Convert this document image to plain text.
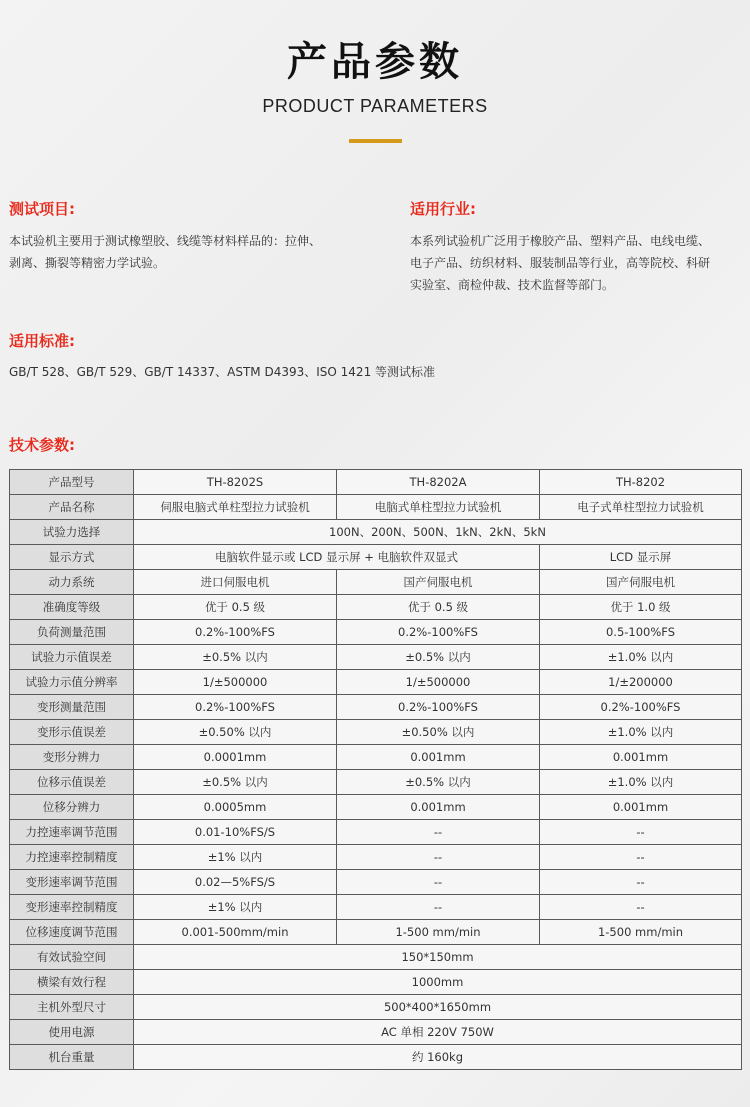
产品参数
PRODUCT PARAMETERS
测试项目:
本试验机主要用于测试橡塑胶、线缆等材料样品的：拉伸、
剥离、撕裂等精密力学试验。
适用行业:
本系列试验机广泛用于橡胶产品、塑料产品、电线电缆、
电子产品、纺织材料、服装制品等行业，高等院校、科研
实验室、商检仲裁、技术监督等部门。
适用标准:
GB/T 528、GB/T 529、GB/T 14337、ASTM D4393、ISO 1421 等测试标准
技术参数:
产品型号	TH-8202S	TH-8202A	TH-8202
产品名称	伺服电脑式单柱型拉力试验机	电脑式单柱型拉力试验机	电子式单柱型拉力试验机
试验力选择	100N、200N、500N、1kN、2kN、5kN		
显示方式	电脑软件显示或 LCD 显示屏 + 电脑软件双显式		LCD 显示屏
动力系统	进口伺服电机	国产伺服电机	国产伺服电机
准确度等级	优于 0.5 级	优于 0.5 级	优于 1.0 级
负荷测量范围	0.2%-100%FS	0.2%-100%FS	0.5-100%FS
试验力示值误差	±0.5% 以内	±0.5% 以内	±1.0% 以内
试验力示值分辨率	1/±500000	1/±500000	1/±200000
变形测量范围	0.2%-100%FS	0.2%-100%FS	0.2%-100%FS
变形示值误差	±0.50% 以内	±0.50% 以内	±1.0% 以内
变形分辨力	0.0001mm	0.001mm	0.001mm
位移示值误差	±0.5% 以内	±0.5% 以内	±1.0% 以内
位移分辨力	0.0005mm	0.001mm	0.001mm
力控速率调节范围	0.01-10%FS/S	--	--
力控速率控制精度	±1% 以内	--	--
变形速率调节范围	0.02—5%FS/S	--	--
变形速率控制精度	±1% 以内	--	--
位移速度调节范围	0.001-500mm/min	1-500 mm/min	1-500 mm/min
有效试验空间	150*150mm		
横梁有效行程	1000mm		
主机外型尺寸	500*400*1650mm		
使用电源	AC 单相 220V 750W		
机台重量	约 160kg		
